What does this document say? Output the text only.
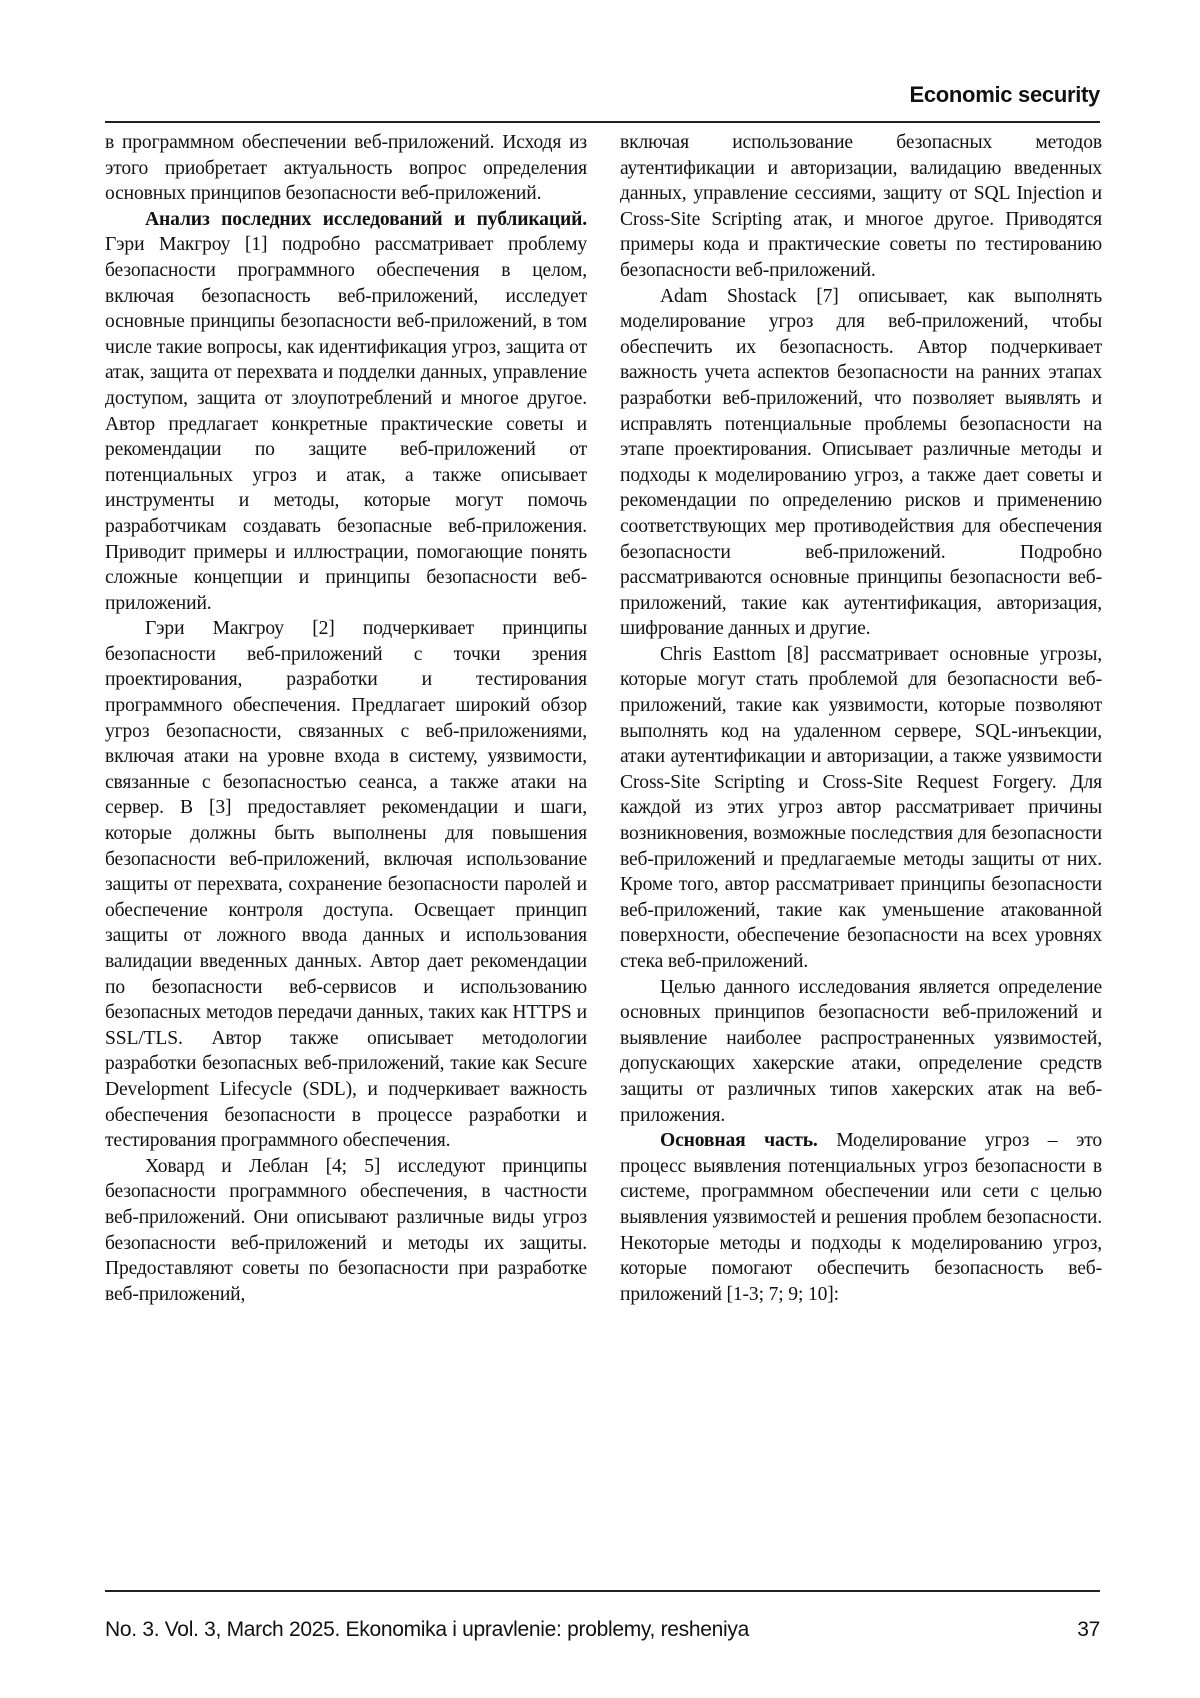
Economic security

в программном обеспечении веб-приложений. Исходя из этого приобретает актуальность вопрос определения основных принципов безопасности веб-приложений.

Анализ последних исследований и публикаций. Гэри Макгроу [1] подробно рассматривает проблему безопасности программного обеспечения в целом, включая безопасность веб-приложений, исследует основные принципы безопасности веб-приложений, в том числе такие вопросы, как идентификация угроз, защита от атак, защита от перехвата и подделки данных, управление доступом, защита от злоупотреблений и многое другое. Автор предлагает конкретные практические советы и рекомендации по защите веб-приложений от потенциальных угроз и атак, а также описывает инструменты и методы, которые могут помочь разработчикам создавать безопасные веб-приложения. Приводит примеры и иллюстрации, помогающие понять сложные концепции и принципы безопасности веб-приложений.

Гэри Макгроу [2] подчеркивает принципы безопасности веб-приложений с точки зрения проектирования, разработки и тестирования программного обеспечения. Предлагает широкий обзор угроз безопасности, связанных с веб-приложениями, включая атаки на уровне входа в систему, уязвимости, связанные с безопасностью сеанса, а также атаки на сервер. В [3] предоставляет рекомендации и шаги, которые должны быть выполнены для повышения безопасности веб-приложений, включая использование защиты от перехвата, сохранение безопасности паролей и обеспечение контроля доступа. Освещает принцип защиты от ложного ввода данных и использования валидации введенных данных. Автор дает рекомендации по безопасности веб-сервисов и использованию безопасных методов передачи данных, таких как HTTPS и SSL/TLS. Автор также описывает методологии разработки безопасных веб-приложений, такие как Secure Development Lifecycle (SDL), и подчеркивает важность обеспечения безопасности в процессе разработки и тестирования программного обеспечения.

Ховард и Леблан [4; 5] исследуют принципы безопасности программного обеспечения, в частности веб-приложений. Они описывают различные виды угроз безопасности веб-приложений и методы их защиты. Предоставляют советы по безопасности при разработке веб-приложений,

включая использование безопасных методов аутентификации и авторизации, валидацию введенных данных, управление сессиями, защиту от SQL Injection и Cross-Site Scripting атак, и многое другое. Приводятся примеры кода и практические советы по тестированию безопасности веб-приложений.

Adam Shostack [7] описывает, как выполнять моделирование угроз для веб-приложений, чтобы обеспечить их безопасность. Автор подчеркивает важность учета аспектов безопасности на ранних этапах разработки веб-приложений, что позволяет выявлять и исправлять потенциальные проблемы безопасности на этапе проектирования. Описывает различные методы и подходы к моделированию угроз, а также дает советы и рекомендации по определению рисков и применению соответствующих мер противодействия для обеспечения безопасности веб-приложений. Подробно рассматриваются основные принципы безопасности веб-приложений, такие как аутентификация, авторизация, шифрование данных и другие.

Chris Easttom [8] рассматривает основные угрозы, которые могут стать проблемой для безопасности веб-приложений, такие как уязвимости, которые позволяют выполнять код на удаленном сервере, SQL-инъекции, атаки аутентификации и авторизации, а также уязвимости Cross-Site Scripting и Cross-Site Request Forgery. Для каждой из этих угроз автор рассматривает причины возникновения, возможные последствия для безопасности веб-приложений и предлагаемые методы защиты от них. Кроме того, автор рассматривает принципы безопасности веб-приложений, такие как уменьшение атакованной поверхности, обеспечение безопасности на всех уровнях стека веб-приложений.

Целью данного исследования является определение основных принципов безопасности веб-приложений и выявление наиболее распространенных уязвимостей, допускающих хакерские атаки, определение средств защиты от различных типов хакерских атак на веб-приложения.

Основная часть. Моделирование угроз – это процесс выявления потенциальных угроз безопасности в системе, программном обеспечении или сети с целью выявления уязвимостей и решения проблем безопасности. Некоторые методы и подходы к моделированию угроз, которые помогают обеспечить безопасность веб-приложений [1-3; 7; 9; 10]:

No. 3. Vol. 3, March 2025. Ekonomika i upravlenie: problemy, resheniya	37
